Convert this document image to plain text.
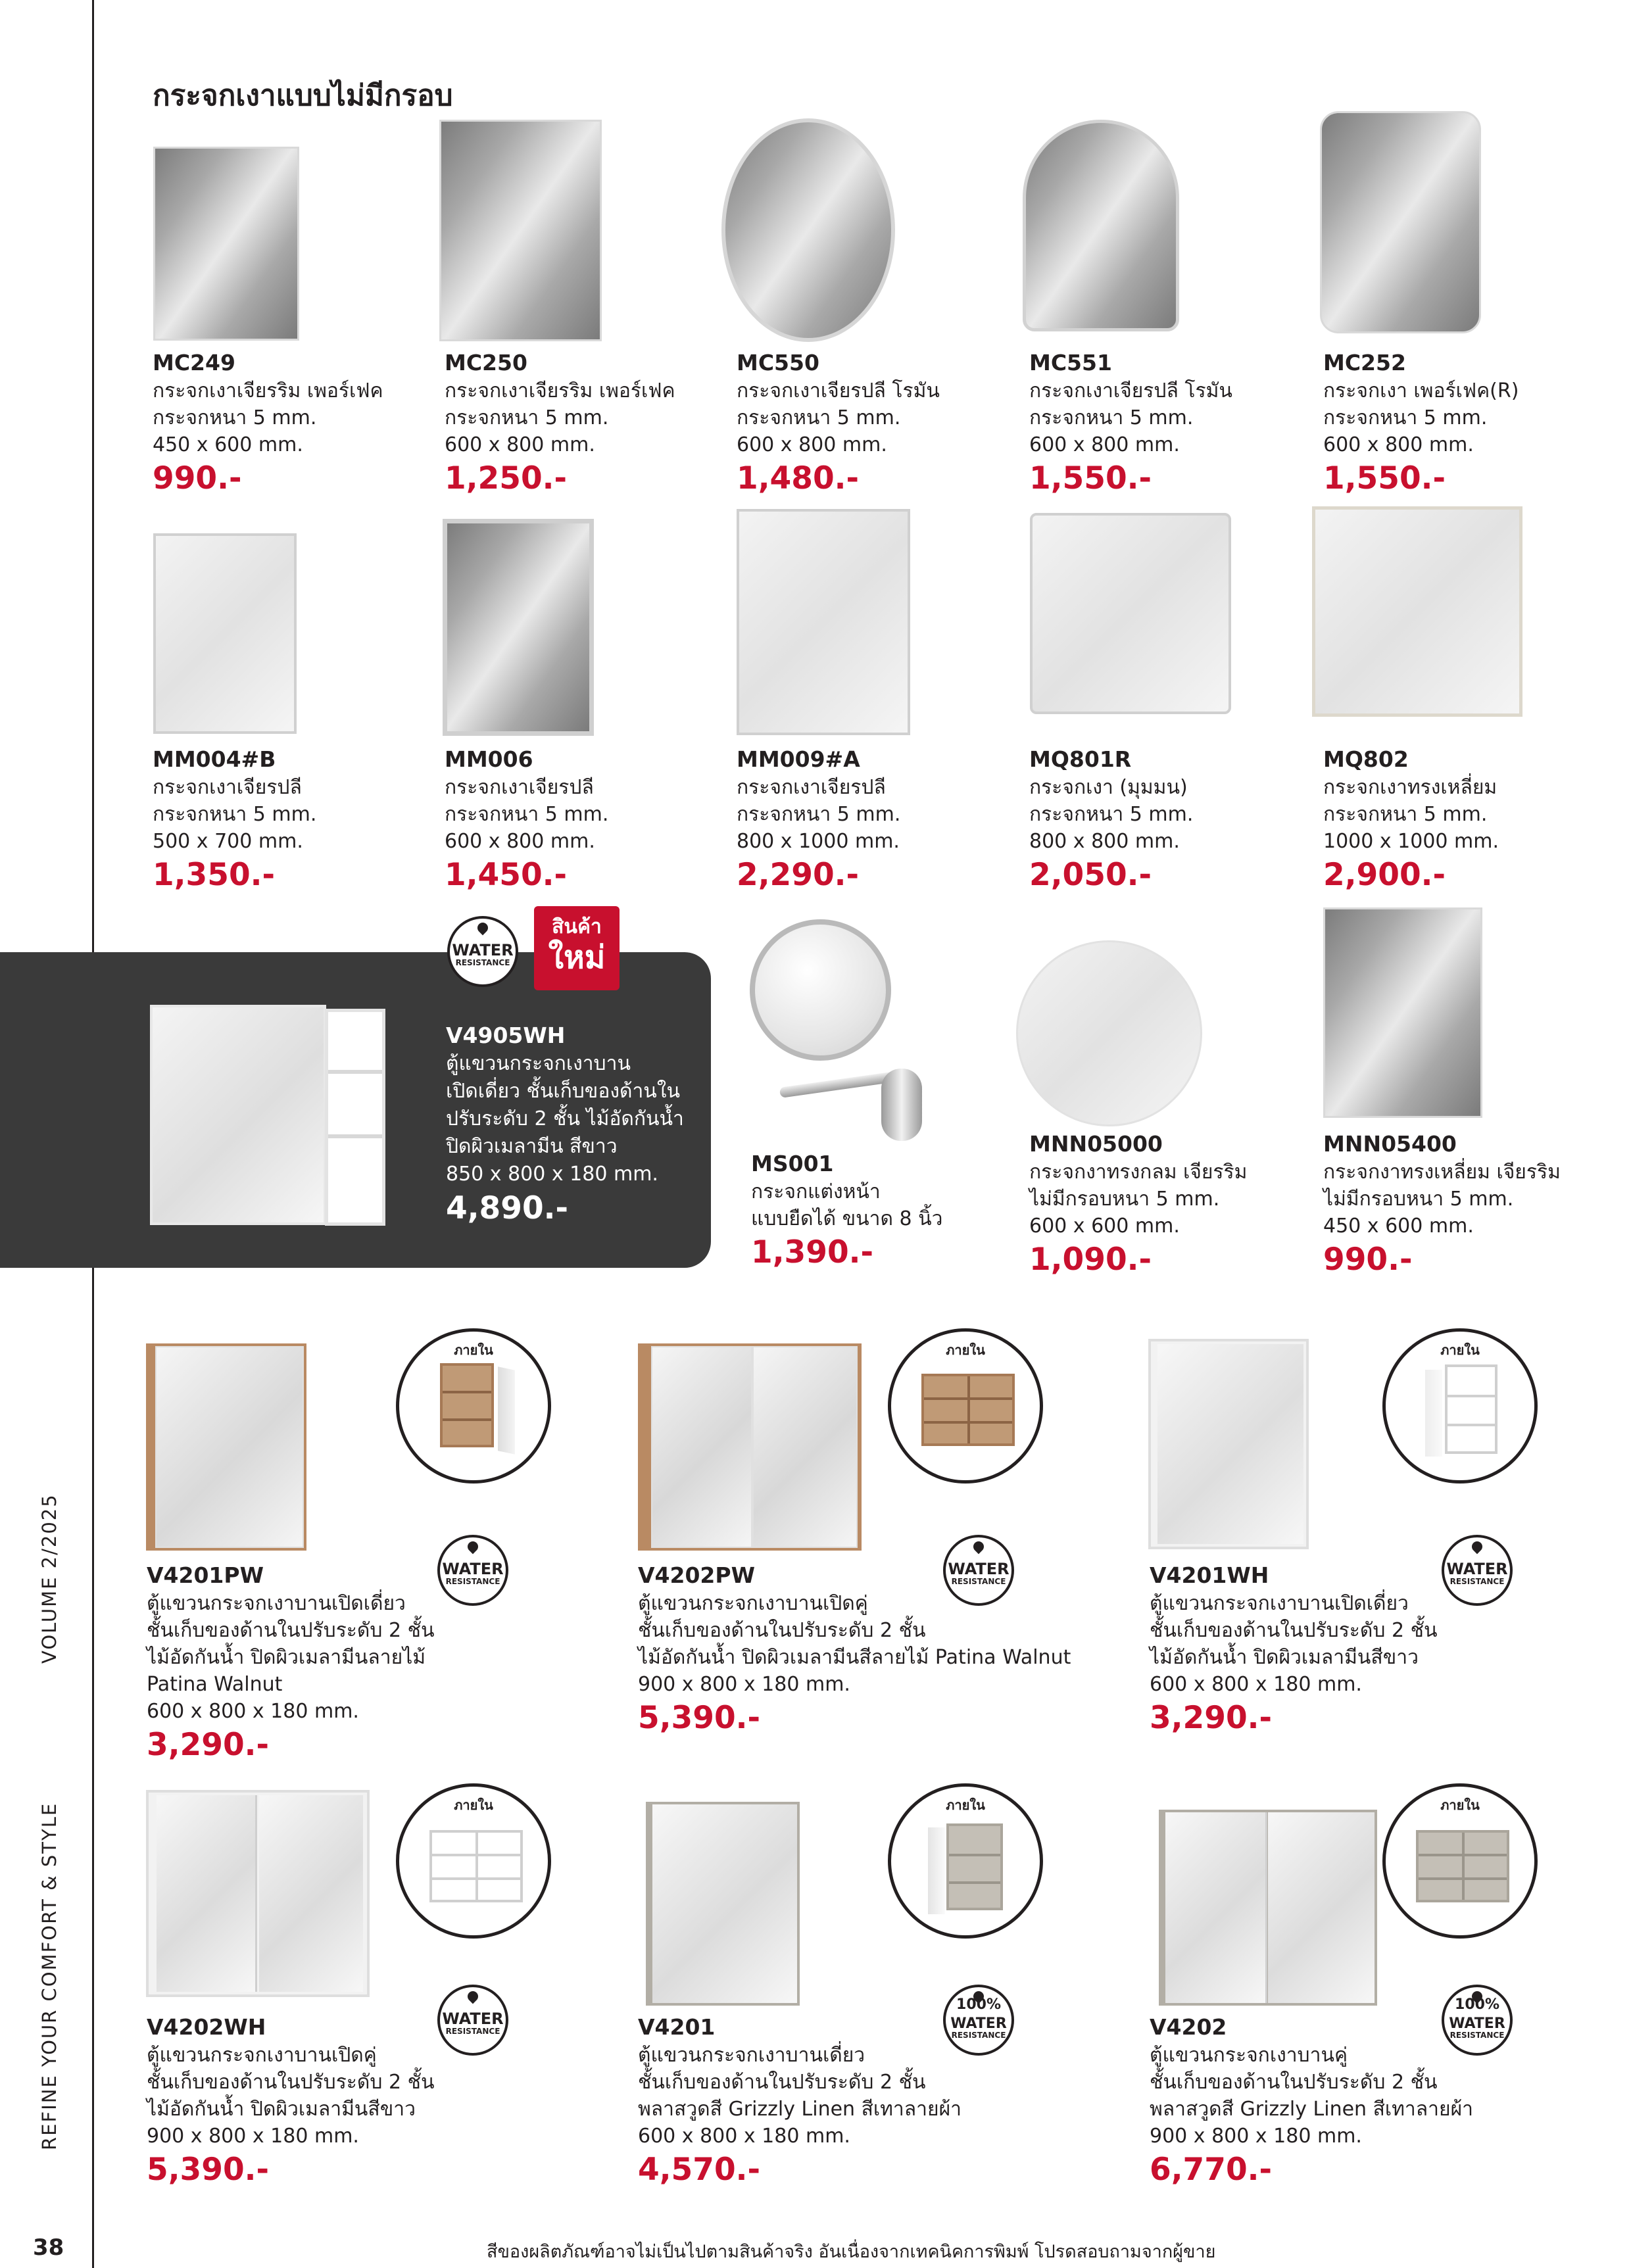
VOLUME 2/2025
REFINE YOUR COMFORT & STYLE
38
กระจกเงาแบบไม่มีกรอบ
MC249
กระจกเงาเจียรริม เพอร์เฟค
กระจกหนา 5 mm.
450 x 600 mm.
990.-
MC250
กระจกเงาเจียรริม เพอร์เฟค
กระจกหนา 5 mm.
600 x 800 mm.
1,250.-
MC550
กระจกเงาเจียรปลี โรมัน
กระจกหนา 5 mm.
600 x 800 mm.
1,480.-
MC551
กระจกเงาเจียรปลี โรมัน
กระจกหนา 5 mm.
600 x 800 mm.
1,550.-
MC252
กระจกเงา เพอร์เฟค(R)
กระจกหนา 5 mm.
600 x 800 mm.
1,550.-
MM004#B
กระจกเงาเจียรปลี
กระจกหนา 5 mm.
500 x 700 mm.
1,350.-
MM006
กระจกเงาเจียรปลี
กระจกหนา 5 mm.
600 x 800 mm.
1,450.-
MM009#A
กระจกเงาเจียรปลี
กระจกหนา 5 mm.
800 x 1000 mm.
2,290.-
MQ801R
กระจกเงา (มุมมน)
กระจกหนา 5 mm.
800 x 800 mm.
2,050.-
MQ802
กระจกเงาทรงเหลี่ยม
กระจกหนา 5 mm.
1000 x 1000 mm.
2,900.-
WATER
RESISTANCE
สินค้า
ใหม่
V4905WH
ตู้แขวนกระจกเงาบาน
เปิดเดี่ยว ชั้นเก็บของด้านใน
ปรับระดับ 2 ชั้น ไม้อัดกันน้ำ
ปิดผิวเมลามีน สีขาว
850 x 800 x 180 mm.
4,890.-
MS001
กระจกแต่งหน้า
แบบยืดได้ ขนาด 8 นิ้ว
1,390.-
MNN05000
กระจกงาทรงกลม เจียรริม
ไม่มีกรอบหนา 5 mm.
600 x 600 mm.
1,090.-
MNN05400
กระจกงาทรงเหลี่ยม เจียรริม
ไม่มีกรอบหนา 5 mm.
450 x 600 mm.
990.-
ภายใน
WATER
RESISTANCE
V4201PW
ตู้แขวนกระจกเงาบานเปิดเดี่ยว
ชั้นเก็บของด้านในปรับระดับ 2 ชั้น
ไม้อัดกันน้ำ ปิดผิวเมลามีนลายไม้
Patina Walnut
600 x 800 x 180 mm.
3,290.-
ภายใน
WATER
RESISTANCE
V4202PW
ตู้แขวนกระจกเงาบานเปิดคู่
ชั้นเก็บของด้านในปรับระดับ 2 ชั้น
ไม้อัดกันน้ำ ปิดผิวเมลามีนสีลายไม้ Patina Walnut
900 x 800 x 180 mm.
5,390.-
ภายใน
WATER
RESISTANCE
V4201WH
ตู้แขวนกระจกเงาบานเปิดเดี่ยว
ชั้นเก็บของด้านในปรับระดับ 2 ชั้น
ไม้อัดกันน้ำ ปิดผิวเมลามีนสีขาว
600 x 800 x 180 mm.
3,290.-
ภายใน
WATER
RESISTANCE
V4202WH
ตู้แขวนกระจกเงาบานเปิดคู่
ชั้นเก็บของด้านในปรับระดับ 2 ชั้น
ไม้อัดกันน้ำ ปิดผิวเมลามีนสีขาว
900 x 800 x 180 mm.
5,390.-
ภายใน
100%
WATER
RESISTANCE
V4201
ตู้แขวนกระจกเงาบานเดี่ยว
ชั้นเก็บของด้านในปรับระดับ 2 ชั้น
พลาสวูดสี Grizzly Linen สีเทาลายผ้า
600 x 800 x 180 mm.
4,570.-
ภายใน
100%
WATER
RESISTANCE
V4202
ตู้แขวนกระจกเงาบานคู่
ชั้นเก็บของด้านในปรับระดับ 2 ชั้น
พลาสวูดสี Grizzly Linen สีเทาลายผ้า
900 x 800 x 180 mm.
6,770.-
สีของผลิตภัณฑ์อาจไม่เป็นไปตามสินค้าจริง อันเนื่องจากเทคนิคการพิมพ์ โปรดสอบถามจากผู้ขาย
